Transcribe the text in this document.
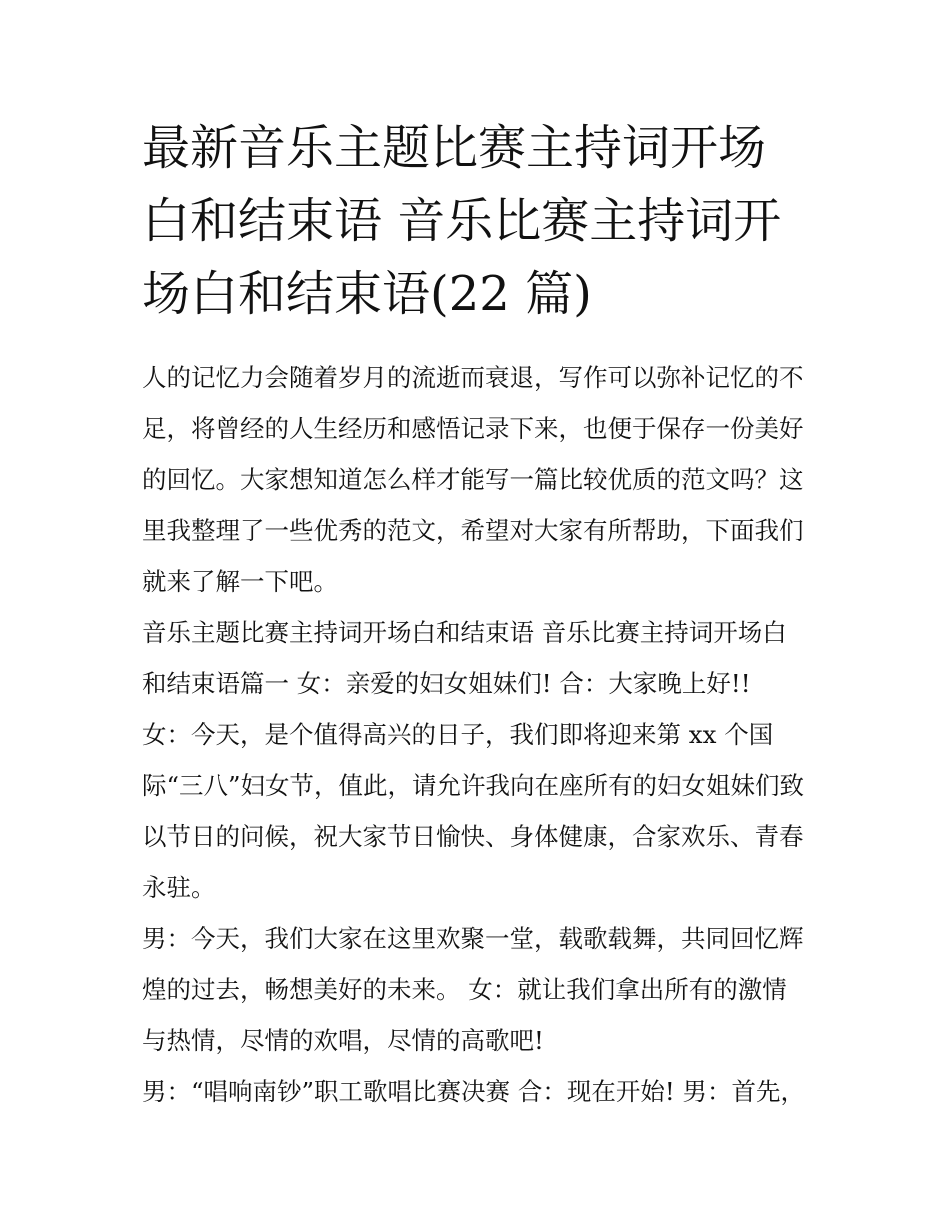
最新音乐主题比赛主持词开场
白和结束语 音乐比赛主持词开
场白和结束语(22 篇)

人的记忆力会随着岁月的流逝而衰退，写作可以弥补记忆的不
足，将曾经的人生经历和感悟记录下来，也便于保存一份美好
的回忆。大家想知道怎么样才能写一篇比较优质的范文吗？这
里我整理了一些优秀的范文，希望对大家有所帮助，下面我们
就来了解一下吧。

音乐主题比赛主持词开场白和结束语 音乐比赛主持词开场白
和结束语篇一 女：亲爱的妇女姐妹们! 合：大家晚上好!!

女：今天，是个值得高兴的日子，我们即将迎来第 xx 个国
际“三八”妇女节，值此，请允许我向在座所有的妇女姐妹们致
以节日的问候，祝大家节日愉快、身体健康，合家欢乐、青春
永驻。

男：今天，我们大家在这里欢聚一堂，载歌载舞，共同回忆辉
煌的过去，畅想美好的未来。 女：就让我们拿出所有的激情
与热情，尽情的欢唱，尽情的高歌吧!

男：“唱响南钞”职工歌唱比赛决赛 合：现在开始! 男：首先，
